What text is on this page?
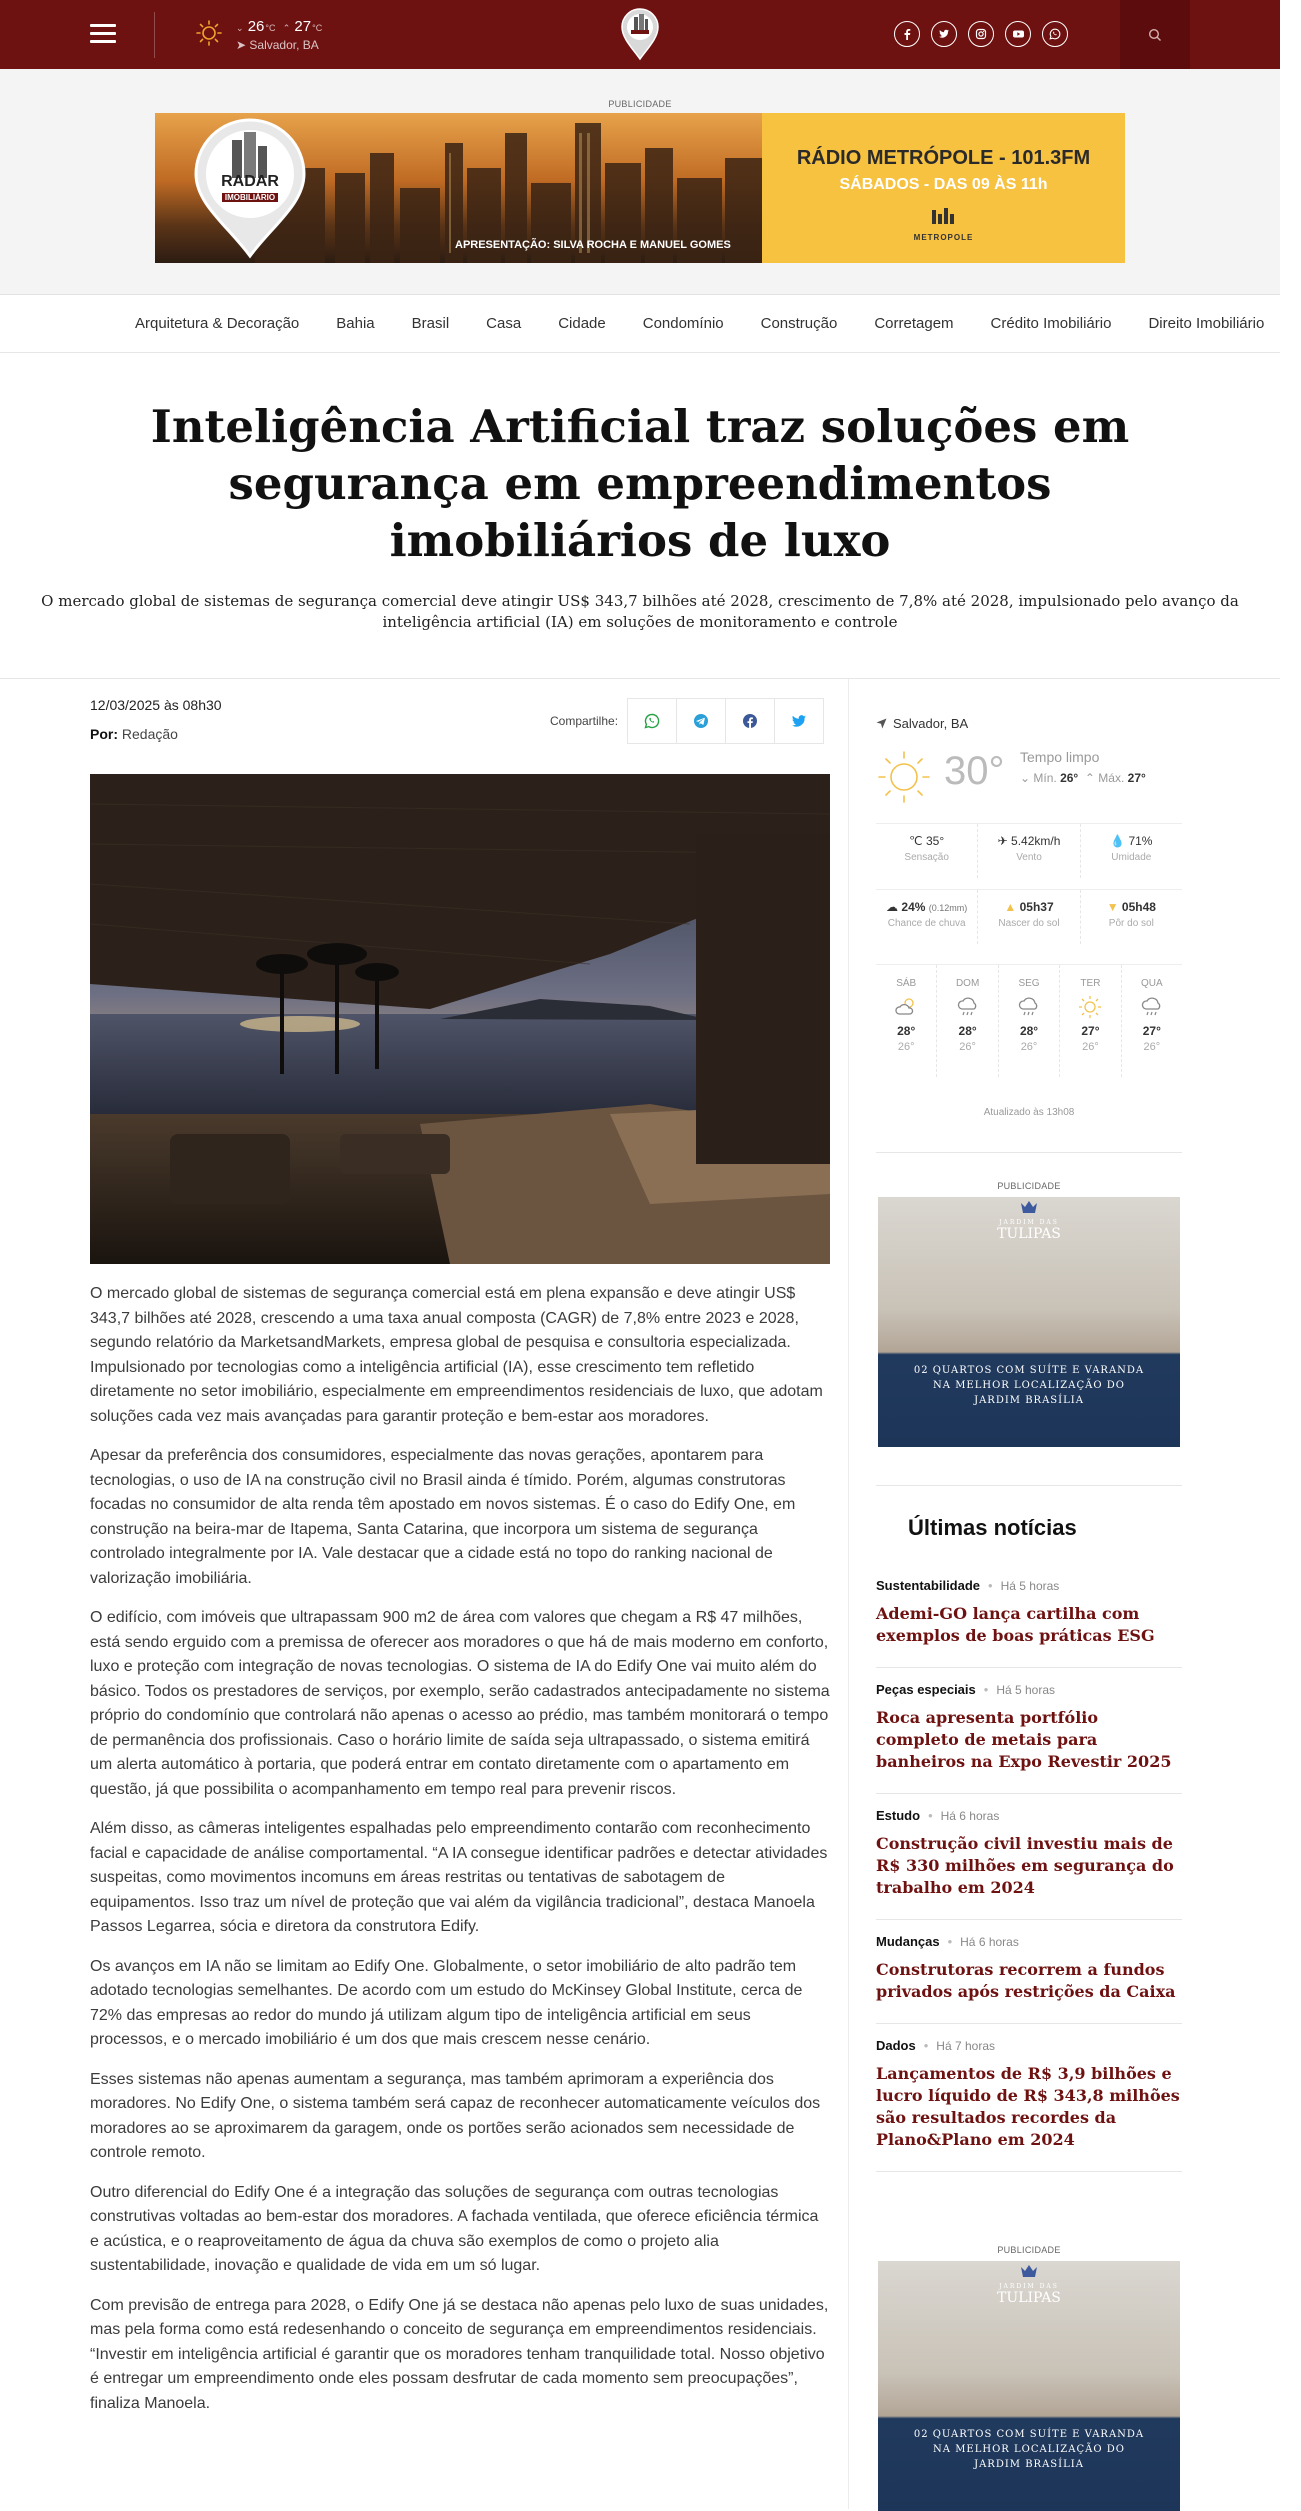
⌄ 26°C ⌃ 27°C
➤ Salvador, BA
PUBLICIDADE
RADAR
IMOBILIÁRIO
APRESENTAÇÃO: SILVA ROCHA E MANUEL GOMES
RÁDIO METRÓPOLE - 101.3FM
SÁBADOS - DAS 09 ÀS 11h
METROPOLE
Arquitetura & Decoração Bahia Brasil Casa Cidade Condomínio Construção Corretagem Crédito Imobiliário Direito Imobiliário
Inteligência Artificial traz soluções em segurança em empreendimentos imobiliários de luxo

O mercado global de sistemas de segurança comercial deve atingir US$ 343,7 bilhões até 2028, crescimento de 7,8% até 2028, impulsionado pelo avanço da inteligência artificial (IA) em soluções de monitoramento e controle

12/03/2025 às 08h30
Por: Redação
Compartilhe:

O mercado global de sistemas de segurança comercial está em plena expansão e deve atingir US$ 343,7 bilhões até 2028, crescendo a uma taxa anual composta (CAGR) de 7,8% entre 2023 e 2028, segundo relatório da MarketsandMarkets, empresa global de pesquisa e consultoria especializada. Impulsionado por tecnologias como a inteligência artificial (IA), esse crescimento tem refletido diretamente no setor imobiliário, especialmente em empreendimentos residenciais de luxo, que adotam soluções cada vez mais avançadas para garantir proteção e bem-estar aos moradores.

Apesar da preferência dos consumidores, especialmente das novas gerações, apontarem para tecnologias, o uso de IA na construção civil no Brasil ainda é tímido. Porém, algumas construtoras focadas no consumidor de alta renda têm apostado em novos sistemas. É o caso do Edify One, em construção na beira-mar de Itapema, Santa Catarina, que incorpora um sistema de segurança controlado integralmente por IA. Vale destacar que a cidade está no topo do ranking nacional de valorização imobiliária.

O edifício, com imóveis que ultrapassam 900 m2 de área com valores que chegam a R$ 47 milhões, está sendo erguido com a premissa de oferecer aos moradores o que há de mais moderno em conforto, luxo e proteção com integração de novas tecnologias. O sistema de IA do Edify One vai muito além do básico. Todos os prestadores de serviços, por exemplo, serão cadastrados antecipadamente no sistema próprio do condomínio que controlará não apenas o acesso ao prédio, mas também monitorará o tempo de permanência dos profissionais. Caso o horário limite de saída seja ultrapassado, o sistema emitirá um alerta automático à portaria, que poderá entrar em contato diretamente com o apartamento em questão, já que possibilita o acompanhamento em tempo real para prevenir riscos.

Além disso, as câmeras inteligentes espalhadas pelo empreendimento contarão com reconhecimento facial e capacidade de análise comportamental. “A IA consegue identificar padrões e detectar atividades suspeitas, como movimentos incomuns em áreas restritas ou tentativas de sabotagem de equipamentos. Isso traz um nível de proteção que vai além da vigilância tradicional”, destaca Manoela Passos Legarrea, sócia e diretora da construtora Edify.

Os avanços em IA não se limitam ao Edify One. Globalmente, o setor imobiliário de alto padrão tem adotado tecnologias semelhantes. De acordo com um estudo do McKinsey Global Institute, cerca de 72% das empresas ao redor do mundo já utilizam algum tipo de inteligência artificial em seus processos, e o mercado imobiliário é um dos que mais crescem nesse cenário.

Esses sistemas não apenas aumentam a segurança, mas também aprimoram a experiência dos moradores. No Edify One, o sistema também será capaz de reconhecer automaticamente veículos dos moradores ao se aproximarem da garagem, onde os portões serão acionados sem necessidade de controle remoto.

Outro diferencial do Edify One é a integração das soluções de segurança com outras tecnologias construtivas voltadas ao bem-estar dos moradores. A fachada ventilada, que oferece eficiência térmica e acústica, e o reaproveitamento de água da chuva são exemplos de como o projeto alia sustentabilidade, inovação e qualidade de vida em um só lugar.

Com previsão de entrega para 2028, o Edify One já se destaca não apenas pelo luxo de suas unidades, mas pela forma como está redesenhando o conceito de segurança em empreendimentos residenciais. “Investir em inteligência artificial é garantir que os moradores tenham tranquilidade total. Nosso objetivo é entregar um empreendimento onde eles possam desfrutar de cada momento sem preocupações”, finaliza Manoela.

Salvador, BA
30° Tempo limpo
⌄ Mín. 26°  ⌃ Máx. 27°
℃ 35°
Sensação
✈ 5.42km/h
Vento
💧 71%
Umidade
☁ 24% (0.12mm)
Chance de chuva
▲ 05h37
Nascer do sol
▼ 05h48
Pôr do sol
SÁB
28°
26°
DOM
28°
26°
SEG
28°
26°
TER
27°
26°
QUA
27°
26°
Atualizado às 13h08
PUBLICIDADE
JARDIM DAS
TULIPAS
02 QUARTOS COM SUÍTE E VARANDA
NA MELHOR LOCALIZAÇÃO DO
JARDIM BRASÍLIA
Últimas notícias
Sustentabilidade • Há 5 horas
Ademi-GO lança cartilha com exemplos de boas práticas ESG
Peças especiais • Há 5 horas
Roca apresenta portfólio completo de metais para banheiros na Expo Revestir 2025
Estudo • Há 6 horas
Construção civil investiu mais de R$ 330 milhões em segurança do trabalho em 2024
Mudanças • Há 6 horas
Construtoras recorrem a fundos privados após restrições da Caixa
Dados • Há 7 horas
Lançamentos de R$ 3,9 bilhões e lucro líquido de R$ 343,8 milhões são resultados recordes da Plano&Plano em 2024
PUBLICIDADE
JARDIM DAS
TULIPAS
02 QUARTOS COM SUÍTE E VARANDA
NA MELHOR LOCALIZAÇÃO DO
JARDIM BRASÍLIA
